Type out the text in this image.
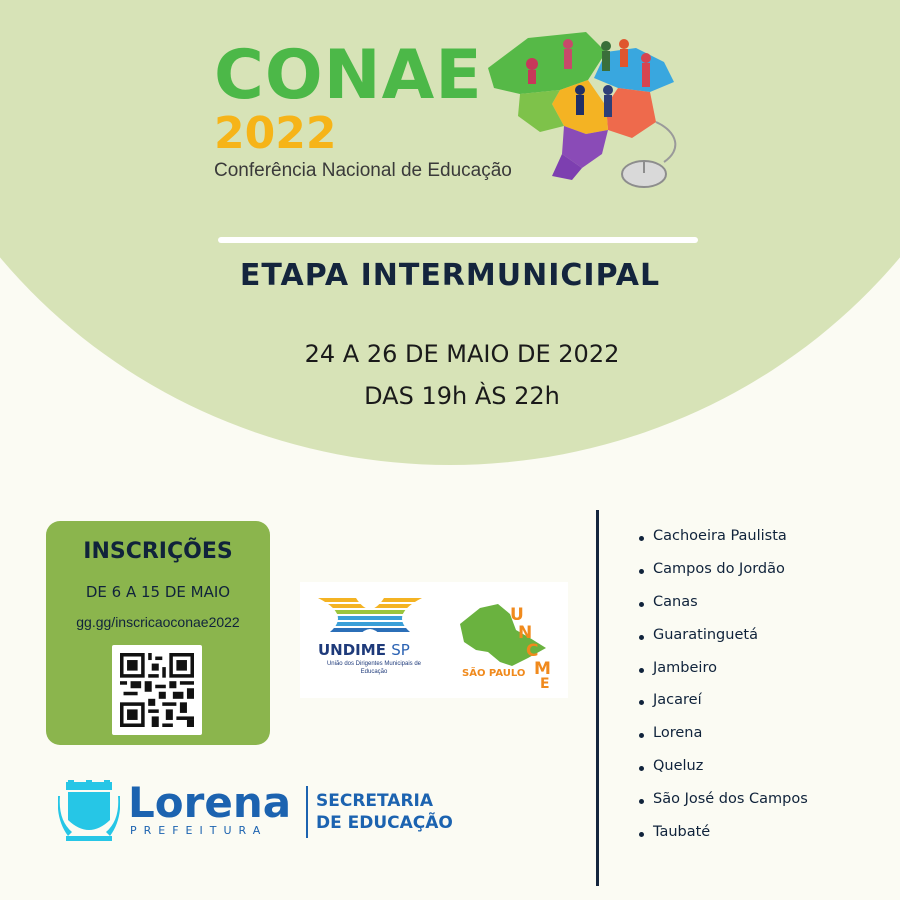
CONAE
2022
Conferência Nacional de Educação
ETAPA INTERMUNICIPAL
24 A 26 DE MAIO DE 2022
DAS 19h ÀS 22h
INSCRIÇÕES
DE 6 A 15 DE MAIO
gg.gg/inscricaoconae2022
UNDIME SP
União dos Dirigentes Municipais de Educação
U
N
C
M
E
SÃO PAULO
Lorena
PREFEITURA
SECRETARIA
DE EDUCAÇÃO
Cachoeira Paulista
Campos do Jordão
Canas
Guaratinguetá
Jambeiro
Jacareí
Lorena
Queluz
São José dos Campos
Taubaté
